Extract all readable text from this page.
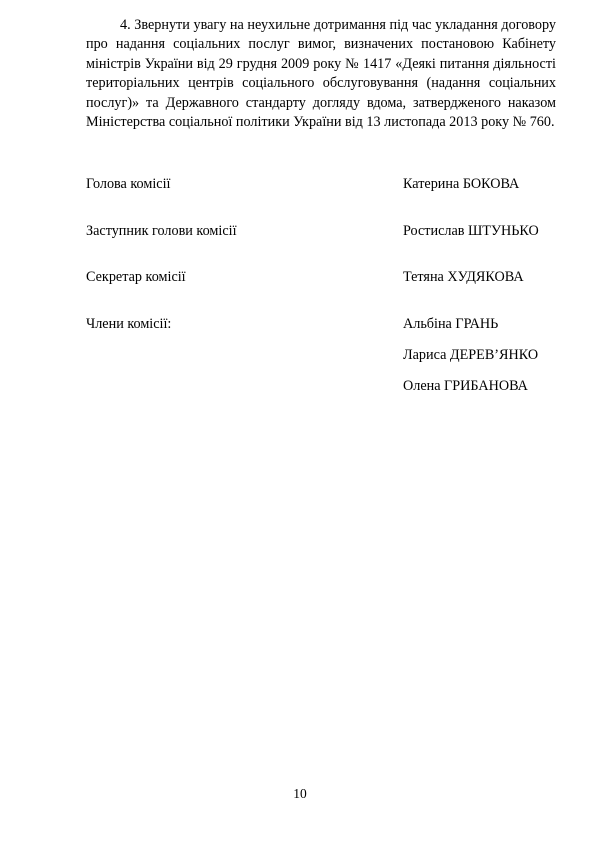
4. Звернути увагу на неухильне дотримання під час укладання договору
про надання соціальних послуг вимог, визначених постановою Кабінету
міністрів України від 29 грудня 2009 року № 1417 «Деякі питання діяльності
територіальних центрів соціального обслуговування (надання соціальних
послуг)» та Державного стандарту догляду вдома, затвердженого наказом
Міністерства соціальної політики України від 13 листопада 2013 року № 760.
Голова комісії	Катерина БОКОВА
Заступник голови комісії	Ростислав ШТУНЬКО
Секретар комісії	Тетяна ХУДЯКОВА
Члени комісії:	Альбіна ГРАНЬ
Лариса ДЕРЕВ’ЯНКО
Олена ГРИБАНОВА
10
